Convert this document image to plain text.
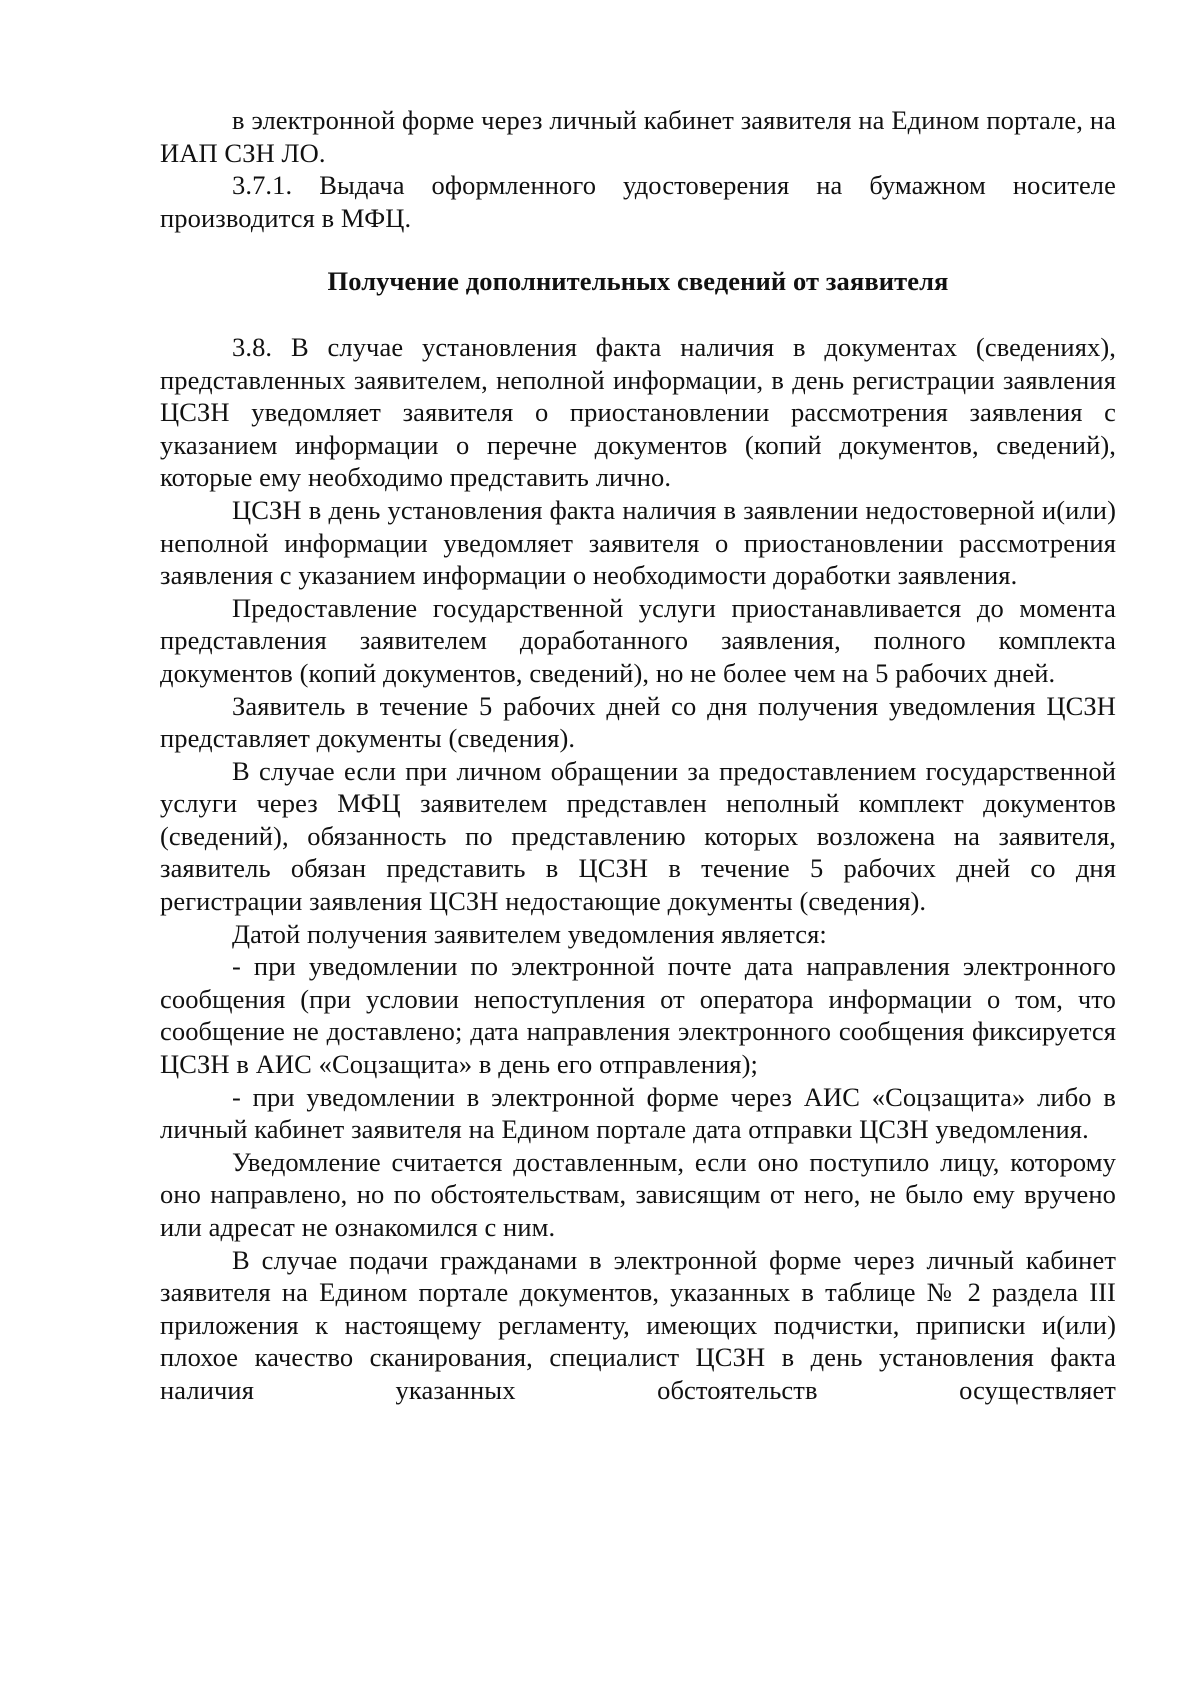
в электронной форме через личный кабинет заявителя на Едином портале, на ИАП СЗН ЛО.

3.7.1. Выдача оформленного удостоверения на бумажном носителе производится в МФЦ.

Получение дополнительных сведений от заявителя

3.8. В случае установления факта наличия в документах (сведениях), представленных заявителем, неполной информации, в день регистрации заявления ЦСЗН уведомляет заявителя о приостановлении рассмотрения заявления с указанием информации о перечне документов (копий документов, сведений), которые ему необходимо представить лично.

ЦСЗН в день установления факта наличия в заявлении недостоверной и(или) неполной информации уведомляет заявителя о приостановлении рассмотрения заявления с указанием информации о необходимости доработки заявления.

Предоставление государственной услуги приостанавливается до момента представления заявителем доработанного заявления, полного комплекта документов (копий документов, сведений), но не более чем на 5 рабочих дней.

Заявитель в течение 5 рабочих дней со дня получения уведомления ЦСЗН представляет документы (сведения).

В случае если при личном обращении за предоставлением государственной услуги через МФЦ заявителем представлен неполный комплект документов (сведений), обязанность по представлению которых возложена на заявителя, заявитель обязан представить в ЦСЗН в течение 5 рабочих дней со дня регистрации заявления ЦСЗН недостающие документы (сведения).

Датой получения заявителем уведомления является:

- при уведомлении по электронной почте дата направления электронного сообщения (при условии непоступления от оператора информации о том, что сообщение не доставлено; дата направления электронного сообщения фиксируется ЦСЗН в АИС «Соцзащита» в день его отправления);

- при уведомлении в электронной форме через АИС «Соцзащита» либо в личный кабинет заявителя на Едином портале дата отправки ЦСЗН уведомления.

Уведомление считается доставленным, если оно поступило лицу, которому оно направлено, но по обстоятельствам, зависящим от него, не было ему вручено или адресат не ознакомился с ним.

В случае подачи гражданами в электронной форме через личный кабинет заявителя на Едином портале документов, указанных в таблице № 2 раздела III приложения к настоящему регламенту, имеющих подчистки, приписки и(или) плохое качество сканирования, специалист ЦСЗН в день установления факта наличия указанных обстоятельств осуществляет
